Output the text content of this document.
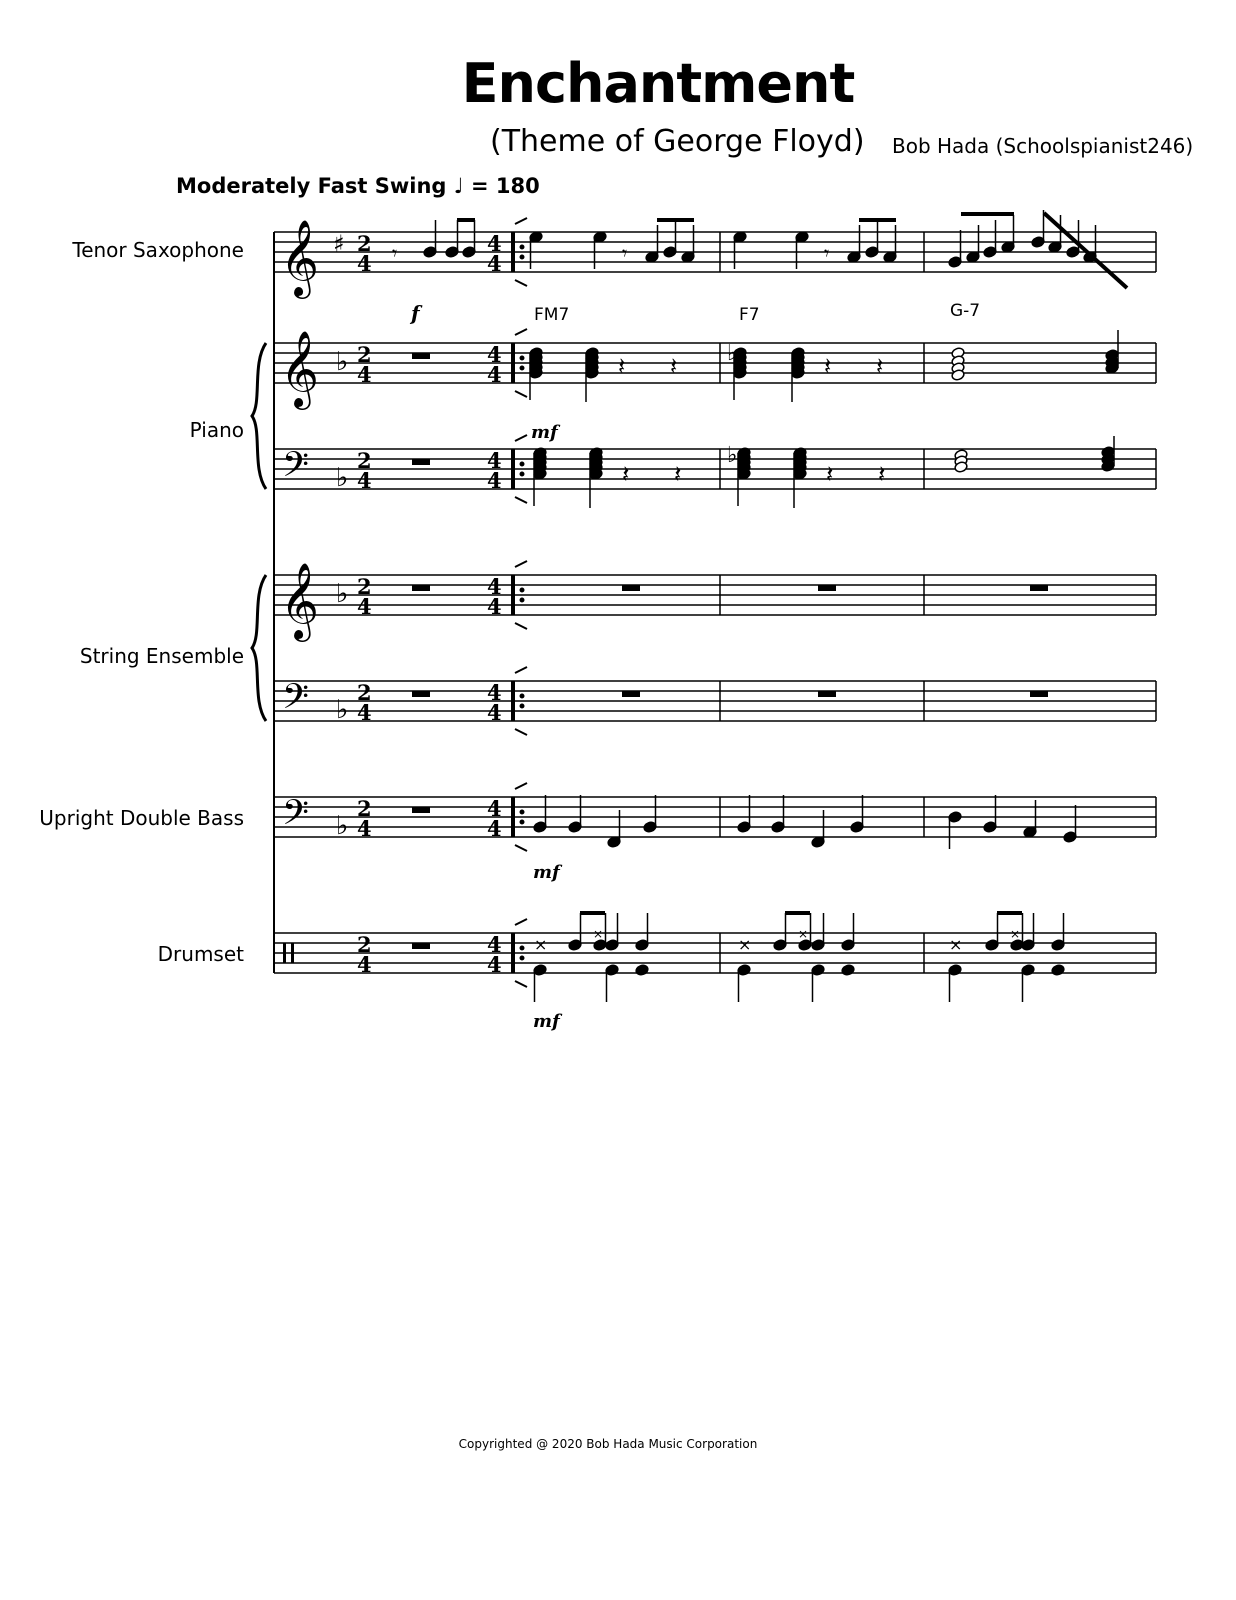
Enchantment
(Theme of George Floyd) Bob Hada (Schoolspianist246)
Moderately Fast Swing ♩ = 180
Tenor Saxophone
Piano
String Ensemble
Upright Double Bass
Drumset
𝄞
𝄞
𝄞
𝄢
𝄢
𝄢
♯
♭
♭
♭
♭
♭
2
4
4
4
2
4
4
4
2
4
4
4
2
4
4
4
2
4
4
4
2
4
4
4
2
4
4
4
𝄾	𝄾	𝄾
𝄽 𝄽	𝄽 𝄽
♭
𝄽 𝄽	𝄽 𝄽
♭
×
×
×
×
×
×
FM7	F7	G-7
f
mf
mf
mf
Copyrighted @ 2020 Bob Hada Music Corporation
